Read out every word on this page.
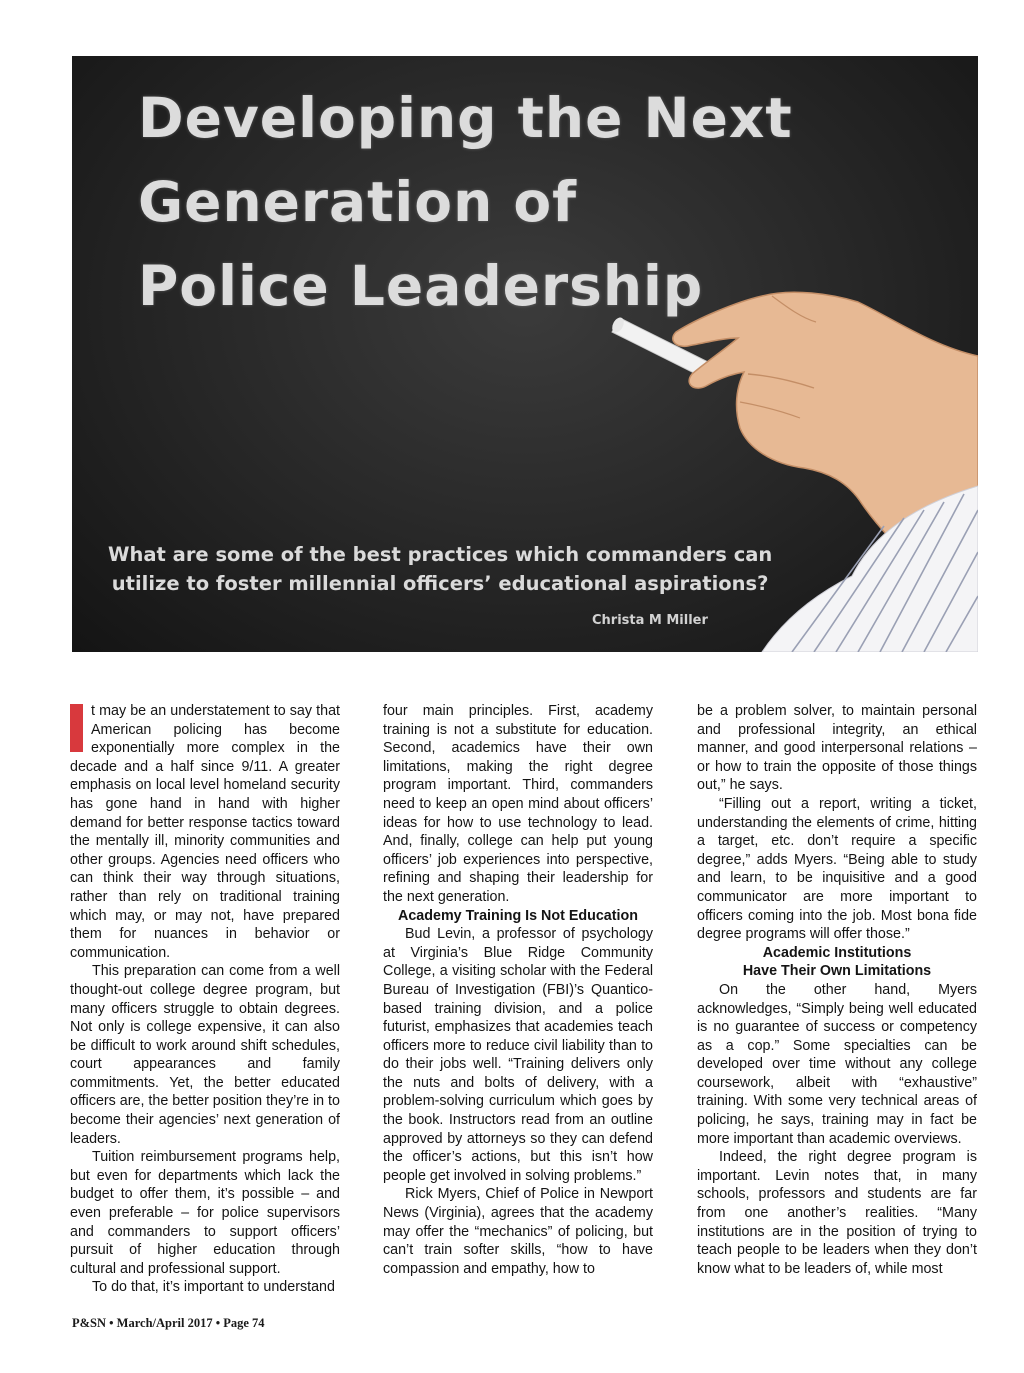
Developing the Next
Generation of
Police Leadership

What are some of the best practices which commanders can
utilize to foster millennial officers’ educational aspirations?

Christa M Miller

t may be an understatement to say that American policing has become exponentially more complex in the decade and a half since 9/11. A greater emphasis on local level homeland security has gone hand in hand with higher demand for better response tactics toward the mentally ill, minority communities and other groups. Agencies need officers who can think their way through situations, rather than rely on traditional training which may, or may not, have prepared them for nuances in behavior or communication.

This preparation can come from a well thought-out college degree program, but many officers struggle to obtain degrees. Not only is college expensive, it can also be difficult to work around shift schedules, court appearances and family commitments. Yet, the better educated officers are, the better position they’re in to become their agencies’ next generation of leaders.

Tuition reimbursement programs help, but even for departments which lack the budget to offer them, it’s possible – and even preferable – for police supervisors and commanders to support officers’ pursuit of higher education through cultural and professional support.

To do that, it’s important to understand

four main principles. First, academy training is not a substitute for education. Second, academics have their own limitations, making the right degree program important. Third, commanders need to keep an open mind about officers’ ideas for how to use technology to lead. And, finally, college can help put young officers’ job experiences into perspective, refining and shaping their leadership for the next generation.

Academy Training Is Not Education

Bud Levin, a professor of psychology at Virginia’s Blue Ridge Community College, a visiting scholar with the Federal Bureau of Investigation (FBI)’s Quantico-based training division, and a police futurist, emphasizes that academies teach officers more to reduce civil liability than to do their jobs well. “Training delivers only the nuts and bolts of delivery, with a problem-solving curriculum which goes by the book. Instructors read from an outline approved by attorneys so they can defend the officer’s actions, but this isn’t how people get involved in solving problems.”

Rick Myers, Chief of Police in Newport News (Virginia), agrees that the academy may offer the “mechanics” of policing, but can’t train softer skills, “how to have compassion and empathy, how to

be a problem solver, to maintain personal and professional integrity, an ethical manner, and good interpersonal relations – or how to train the opposite of those things out,” he says.

“Filling out a report, writing a ticket, understanding the elements of crime, hitting a target, etc. don’t require a specific degree,” adds Myers. “Being able to study and learn, to be inquisitive and a good communicator are more important to officers coming into the job. Most bona fide degree programs will offer those.”

Academic Institutions
Have Their Own Limitations

On the other hand, Myers acknowledges, “Simply being well educated is no guarantee of success or competency as a cop.” Some specialties can be developed over time without any college coursework, albeit with “exhaustive” training. With some very technical areas of policing, he says, training may in fact be more important than academic overviews.

Indeed, the right degree program is important. Levin notes that, in many schools, professors and students are far from one another’s realities. “Many institutions are in the position of trying to teach people to be leaders when they don’t know what to be leaders of, while most

P&SN • March/April 2017 • Page 74
